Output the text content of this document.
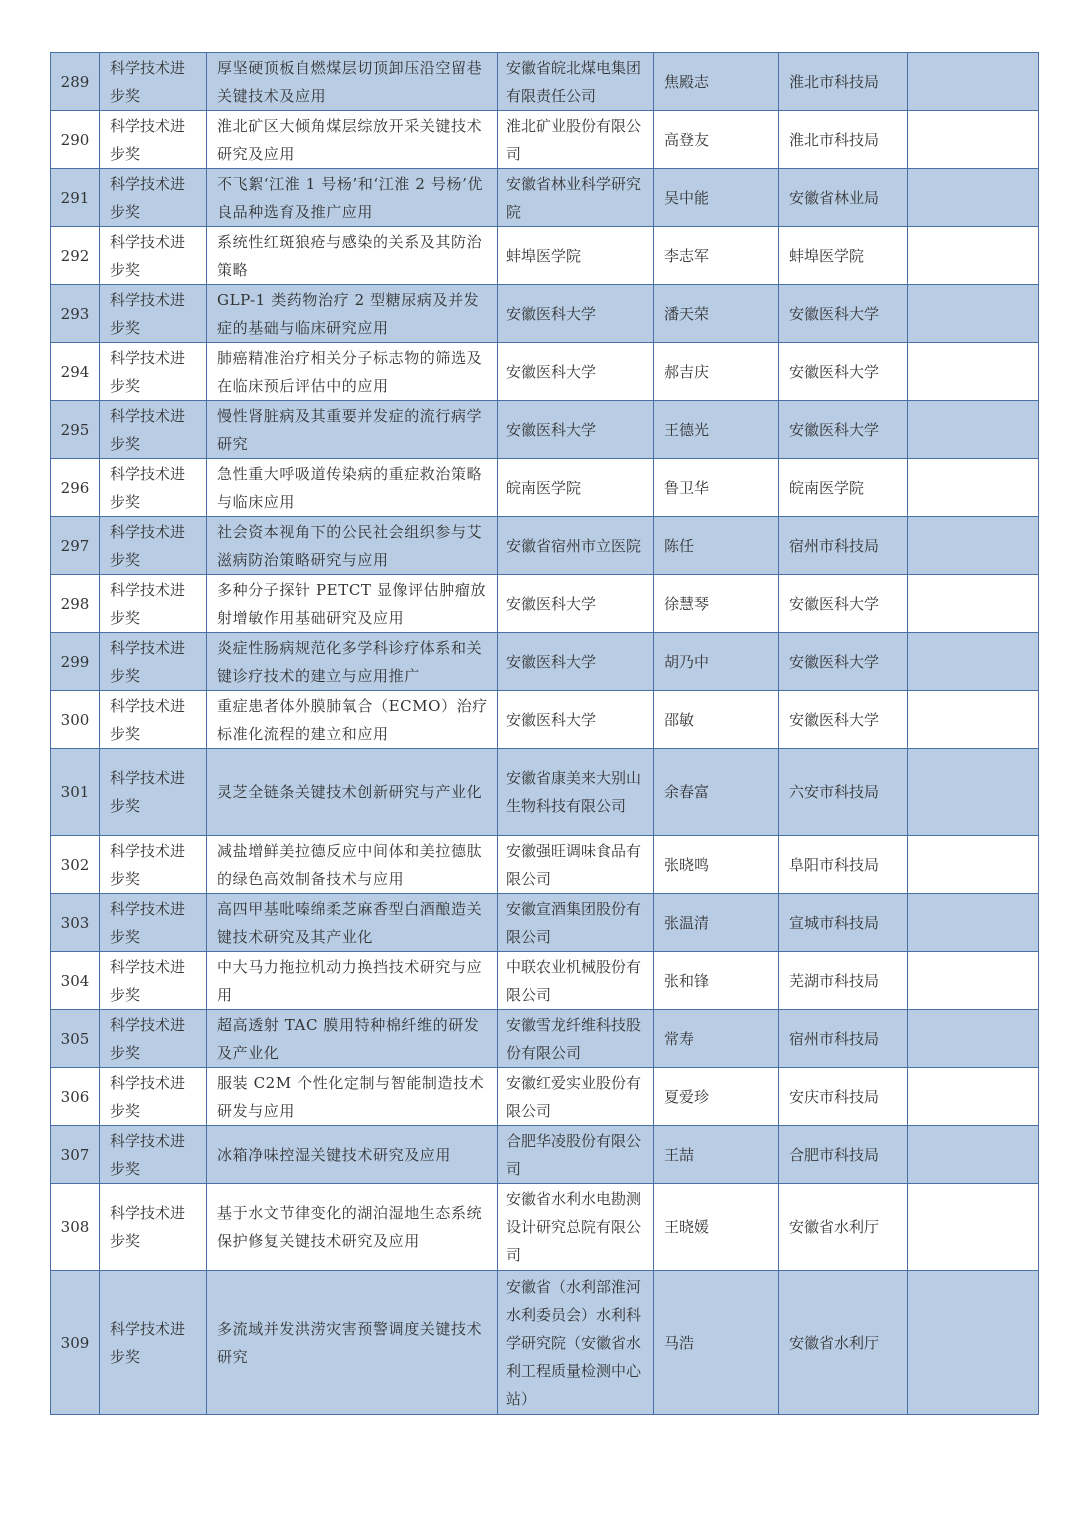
289	科学技术进步奖	厚坚硬顶板自燃煤层切顶卸压沿空留巷关键技术及应用	安徽省皖北煤电集团有限责任公司	焦殿志	淮北市科技局	
290	科学技术进步奖	淮北矿区大倾角煤层综放开采关键技术研究及应用	淮北矿业股份有限公司	高登友	淮北市科技局	
291	科学技术进步奖	不飞絮‘江淮 1 号杨’和‘江淮 2 号杨’优良品种选育及推广应用	安徽省林业科学研究院	吴中能	安徽省林业局	
292	科学技术进步奖	系统性红斑狼疮与感染的关系及其防治策略	蚌埠医学院	李志军	蚌埠医学院	
293	科学技术进步奖	GLP-1 类药物治疗 2 型糖尿病及并发症的基础与临床研究应用	安徽医科大学	潘天荣	安徽医科大学	
294	科学技术进步奖	肺癌精准治疗相关分子标志物的筛选及在临床预后评估中的应用	安徽医科大学	郝吉庆	安徽医科大学	
295	科学技术进步奖	慢性肾脏病及其重要并发症的流行病学研究	安徽医科大学	王德光	安徽医科大学	
296	科学技术进步奖	急性重大呼吸道传染病的重症救治策略与临床应用	皖南医学院	鲁卫华	皖南医学院	
297	科学技术进步奖	社会资本视角下的公民社会组织参与艾滋病防治策略研究与应用	安徽省宿州市立医院	陈任	宿州市科技局	
298	科学技术进步奖	多种分子探针 PETCT 显像评估肿瘤放射增敏作用基础研究及应用	安徽医科大学	徐慧琴	安徽医科大学	
299	科学技术进步奖	炎症性肠病规范化多学科诊疗体系和关键诊疗技术的建立与应用推广	安徽医科大学	胡乃中	安徽医科大学	
300	科学技术进步奖	重症患者体外膜肺氧合（ECMO）治疗标准化流程的建立和应用	安徽医科大学	邵敏	安徽医科大学	
301	科学技术进步奖	灵芝全链条关键技术创新研究与产业化	安徽省康美来大别山生物科技有限公司	余春富	六安市科技局	
302	科学技术进步奖	减盐增鲜美拉德反应中间体和美拉德肽的绿色高效制备技术与应用	安徽强旺调味食品有限公司	张晓鸣	阜阳市科技局	
303	科学技术进步奖	高四甲基吡嗪绵柔芝麻香型白酒酿造关键技术研究及其产业化	安徽宣酒集团股份有限公司	张温清	宣城市科技局	
304	科学技术进步奖	中大马力拖拉机动力换挡技术研究与应用	中联农业机械股份有限公司	张和锋	芜湖市科技局	
305	科学技术进步奖	超高透射 TAC 膜用特种棉纤维的研发及产业化	安徽雪龙纤维科技股份有限公司	常寿	宿州市科技局	
306	科学技术进步奖	服装 C2M 个性化定制与智能制造技术研发与应用	安徽红爱实业股份有限公司	夏爱珍	安庆市科技局	
307	科学技术进步奖	冰箱净味控湿关键技术研究及应用	合肥华凌股份有限公司	王喆	合肥市科技局	
308	科学技术进步奖	基于水文节律变化的湖泊湿地生态系统保护修复关键技术研究及应用	安徽省水利水电勘测设计研究总院有限公司	王晓媛	安徽省水利厅	
309	科学技术进步奖	多流域并发洪涝灾害预警调度关键技术研究	安徽省（水利部淮河水利委员会）水利科学研究院（安徽省水利工程质量检测中心站）	马浩	安徽省水利厅	
